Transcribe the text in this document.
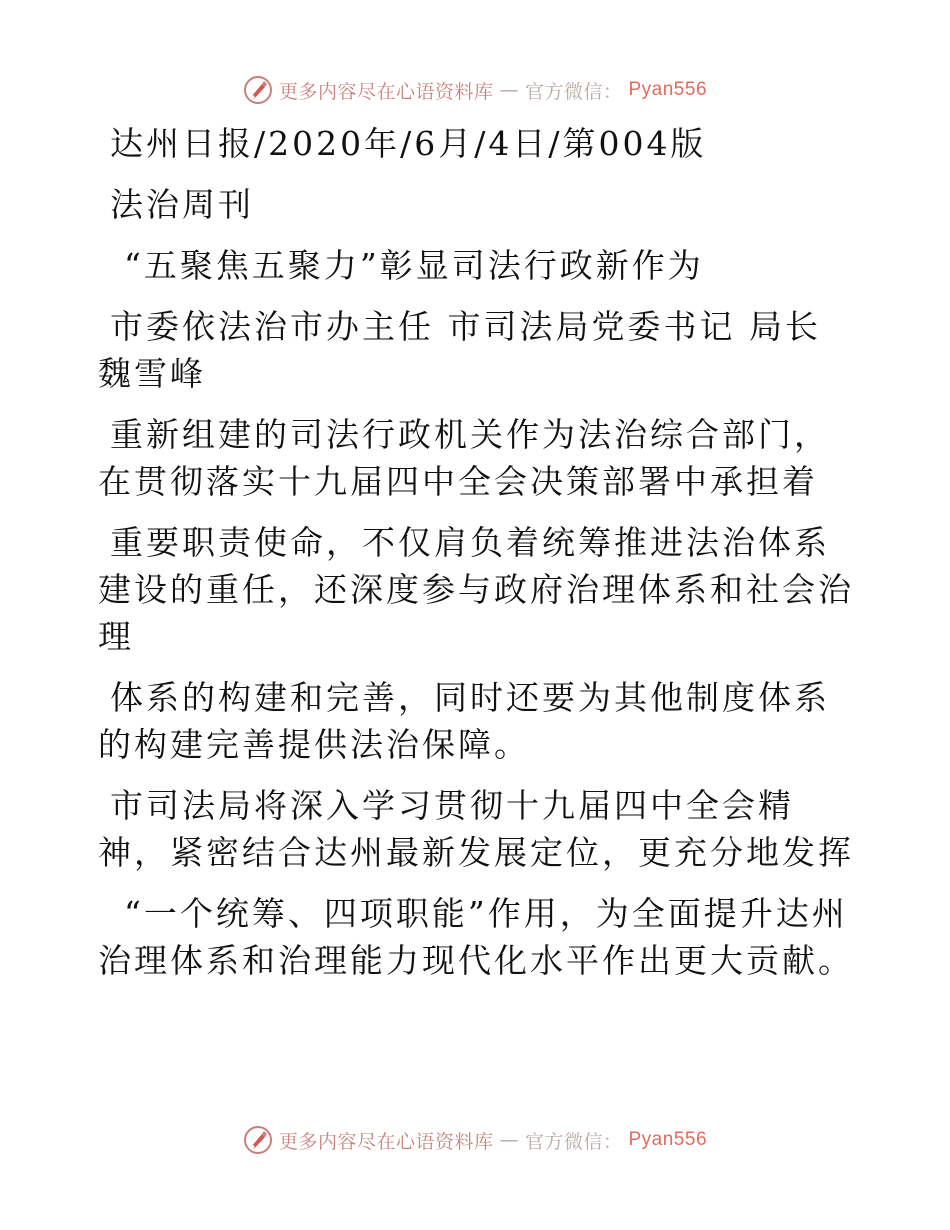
更多内容尽在心语资料库 — 官方微信： Pyan556

达州日报/2020年/6月/4日/第004版

法治周刊

“五聚焦五聚力”彰显司法行政新作为

市委依法治市办主任 市司法局党委书记 局长 魏雪峰

重新组建的司法行政机关作为法治综合部门，在贯彻落实十九届四中全会决策部署中承担着

重要职责使命，不仅肩负着统筹推进法治体系建设的重任，还深度参与政府治理体系和社会治理

体系的构建和完善，同时还要为其他制度体系的构建完善提供法治保障。

市司法局将深入学习贯彻十九届四中全会精神，紧密结合达州最新发展定位，更充分地发挥

“一个统筹、四项职能”作用，为全面提升达州治理体系和治理能力现代化水平作出更大贡献。

更多内容尽在心语资料库 — 官方微信： Pyan556
